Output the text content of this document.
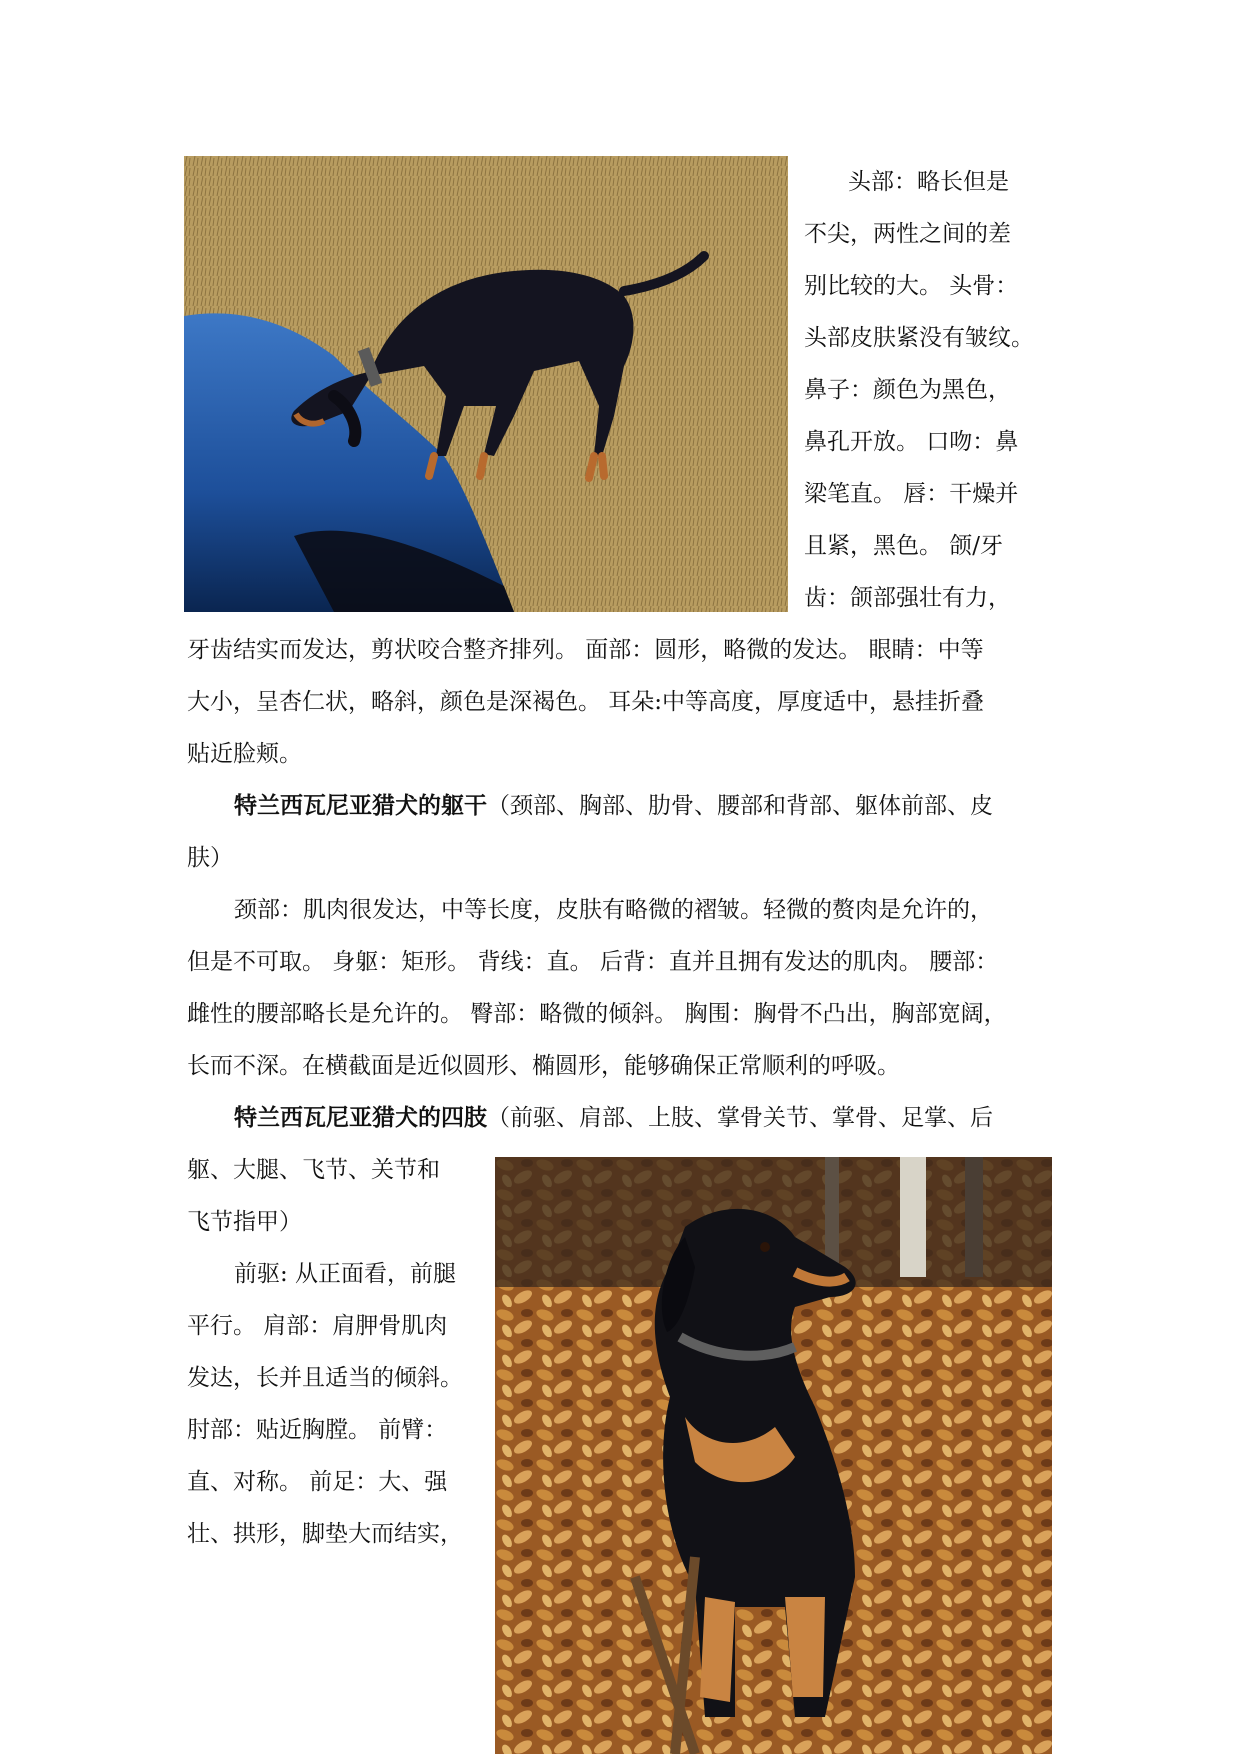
头部：略长但是
不尖，两性之间的差
别比较的大。 头骨：
头部皮肤紧没有皱纹。
鼻子：颜色为黑色，
鼻孔开放。 口吻：鼻
梁笔直。 唇：干燥并
且紧，黑色。 颌/牙
齿：颌部强壮有力，
牙齿结实而发达，剪状咬合整齐排列。 面部：圆形，略微的发达。 眼睛：中等
大小，呈杏仁状，略斜，颜色是深褐色。 耳朵:中等高度，厚度适中，悬挂折叠
贴近脸颊。
特兰西瓦尼亚猎犬的躯干（颈部、胸部、肋骨、腰部和背部、躯体前部、皮
肤）
颈部：肌肉很发达，中等长度，皮肤有略微的褶皱。轻微的赘肉是允许的，
但是不可取。 身躯：矩形。 背线：直。 后背：直并且拥有发达的肌肉。 腰部：
雌性的腰部略长是允许的。 臀部：略微的倾斜。 胸围：胸骨不凸出，胸部宽阔，
长而不深。在横截面是近似圆形、椭圆形，能够确保正常顺利的呼吸。
特兰西瓦尼亚猎犬的四肢（前驱、肩部、上肢、掌骨关节、掌骨、足掌、后
躯、大腿、飞节、关节和
飞节指甲）
前驱: 从正面看，前腿
平行。 肩部：肩胛骨肌肉
发达，长并且适当的倾斜。
肘部：贴近胸膛。 前臂：
直、对称。 前足：大、强
壮、拱形，脚垫大而结实，
